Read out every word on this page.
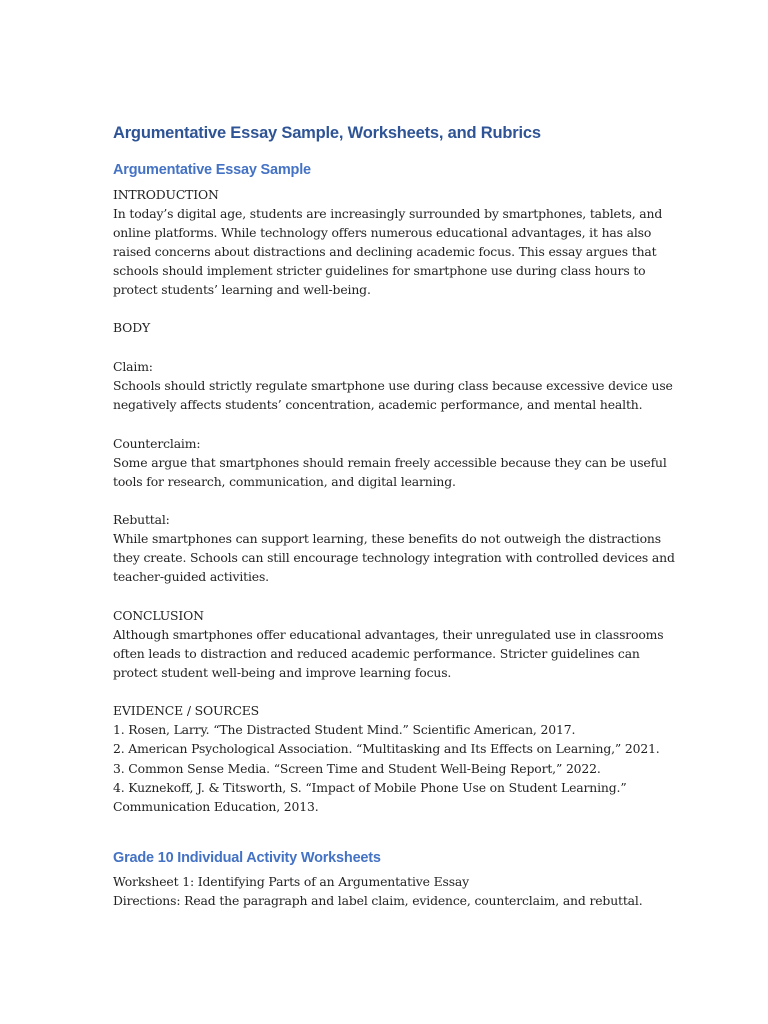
Argumentative Essay Sample, Worksheets, and Rubrics
Argumentative Essay Sample

INTRODUCTION

In today’s digital age, students are increasingly surrounded by smartphones, tablets, and

online platforms. While technology offers numerous educational advantages, it has also

raised concerns about distractions and declining academic focus. This essay argues that

schools should implement stricter guidelines for smartphone use during class hours to

protect students’ learning and well-being.

BODY

Claim:

Schools should strictly regulate smartphone use during class because excessive device use

negatively affects students’ concentration, academic performance, and mental health.

Counterclaim:

Some argue that smartphones should remain freely accessible because they can be useful

tools for research, communication, and digital learning.

Rebuttal:

While smartphones can support learning, these benefits do not outweigh the distractions

they create. Schools can still encourage technology integration with controlled devices and

teacher-guided activities.

CONCLUSION

Although smartphones offer educational advantages, their unregulated use in classrooms

often leads to distraction and reduced academic performance. Stricter guidelines can

protect student well-being and improve learning focus.

EVIDENCE / SOURCES

1. Rosen, Larry. “The Distracted Student Mind.” Scientific American, 2017.

2. American Psychological Association. “Multitasking and Its Effects on Learning,” 2021.

3. Common Sense Media. “Screen Time and Student Well-Being Report,” 2022.

4. Kuznekoff, J. & Titsworth, S. “Impact of Mobile Phone Use on Student Learning.”

Communication Education, 2013.

Grade 10 Individual Activity Worksheets

Worksheet 1: Identifying Parts of an Argumentative Essay

Directions: Read the paragraph and label claim, evidence, counterclaim, and rebuttal.
